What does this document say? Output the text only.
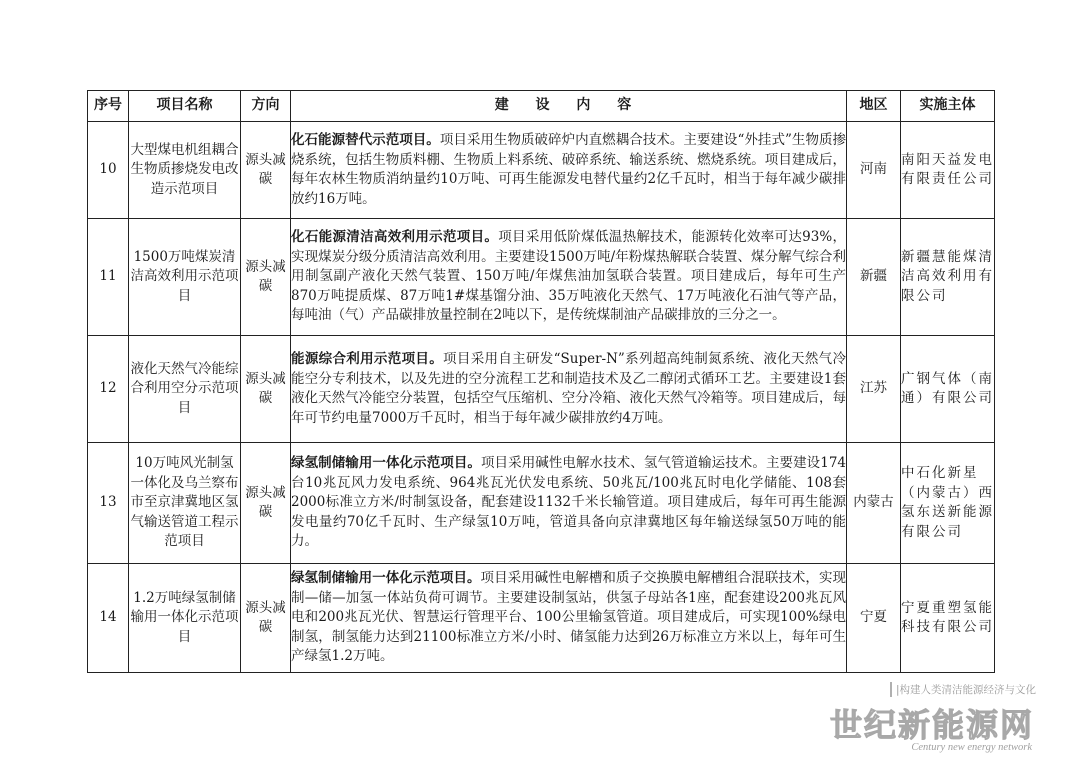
序号	项目名称	方向	建 设 内 容	地区	实施主体
10	大型煤电机组耦合生物质掺烧发电改造示范项目	源头减碳	化石能源替代示范项目。项目采用生物质破碎炉内直燃耦合技术。主要建设“外挂式”生物质掺烧系统，包括生物质料棚、生物质上料系统、破碎系统、输送系统、燃烧系统。项目建成后，每年农林生物质消纳量约10万吨、可再生能源发电替代量约2亿千瓦时，相当于每年减少碳排放约16万吨。	河南	南阳天益发电有限责任公司
11	1500万吨煤炭清洁高效利用示范项目	源头减碳	化石能源清洁高效利用示范项目。项目采用低阶煤低温热解技术，能源转化效率可达93%，实现煤炭分级分质清洁高效利用。主要建设1500万吨/年粉煤热解联合装置、煤分解气综合利用制氢副产液化天然气装置、150万吨/年煤焦油加氢联合装置。项目建成后，每年可生产870万吨提质煤、87万吨1#煤基馏分油、35万吨液化天然气、17万吨液化石油气等产品，每吨油（气）产品碳排放量控制在2吨以下，是传统煤制油产品碳排放的三分之一。	新疆	新疆慧能煤清洁高效利用有限公司
12	液化天然气冷能综合利用空分示范项目	源头减碳	能源综合利用示范项目。项目采用自主研发“Super-N”系列超高纯制氮系统、液化天然气冷能空分专利技术，以及先进的空分流程工艺和制造技术及乙二醇闭式循环工艺。主要建设1套液化天然气冷能空分装置，包括空气压缩机、空分冷箱、液化天然气冷箱等。项目建成后，每年可节约电量7000万千瓦时，相当于每年减少碳排放约4万吨。	江苏	广钢气体（南通）有限公司
13	10万吨风光制氢一体化及乌兰察布市至京津冀地区氢气输送管道工程示范项目	源头减碳	绿氢制储输用一体化示范项目。项目采用碱性电解水技术、氢气管道输运技术。主要建设174台10兆瓦风力发电系统、964兆瓦光伏发电系统、50兆瓦/100兆瓦时电化学储能、108套2000标准立方米/时制氢设备，配套建设1132千米长输管道。项目建成后，每年可再生能源发电量约70亿千瓦时、生产绿氢10万吨，管道具备向京津冀地区每年输送绿氢50万吨的能力。	内蒙古	中石化新星（内蒙古）西氢东送新能源有限公司
14	1.2万吨绿氢制储输用一体化示范项目	源头减碳	绿氢制储输用一体化示范项目。项目采用碱性电解槽和质子交换膜电解槽组合混联技术，实现制—储—加氢一体站负荷可调节。主要建设制氢站，供氢子母站各1座，配套建设200兆瓦风电和200兆瓦光伏、智慧运行管理平台、100公里输氢管道。项目建成后，可实现100%绿电制氢，制氢能力达到21100标准立方米/小时、储氢能力达到26万标准立方米以上，每年可生产绿氢1.2万吨。	宁夏	宁夏重塑氢能科技有限公司
|构建人类清洁能源经济与文化
世纪新能源网
Century new energy network
